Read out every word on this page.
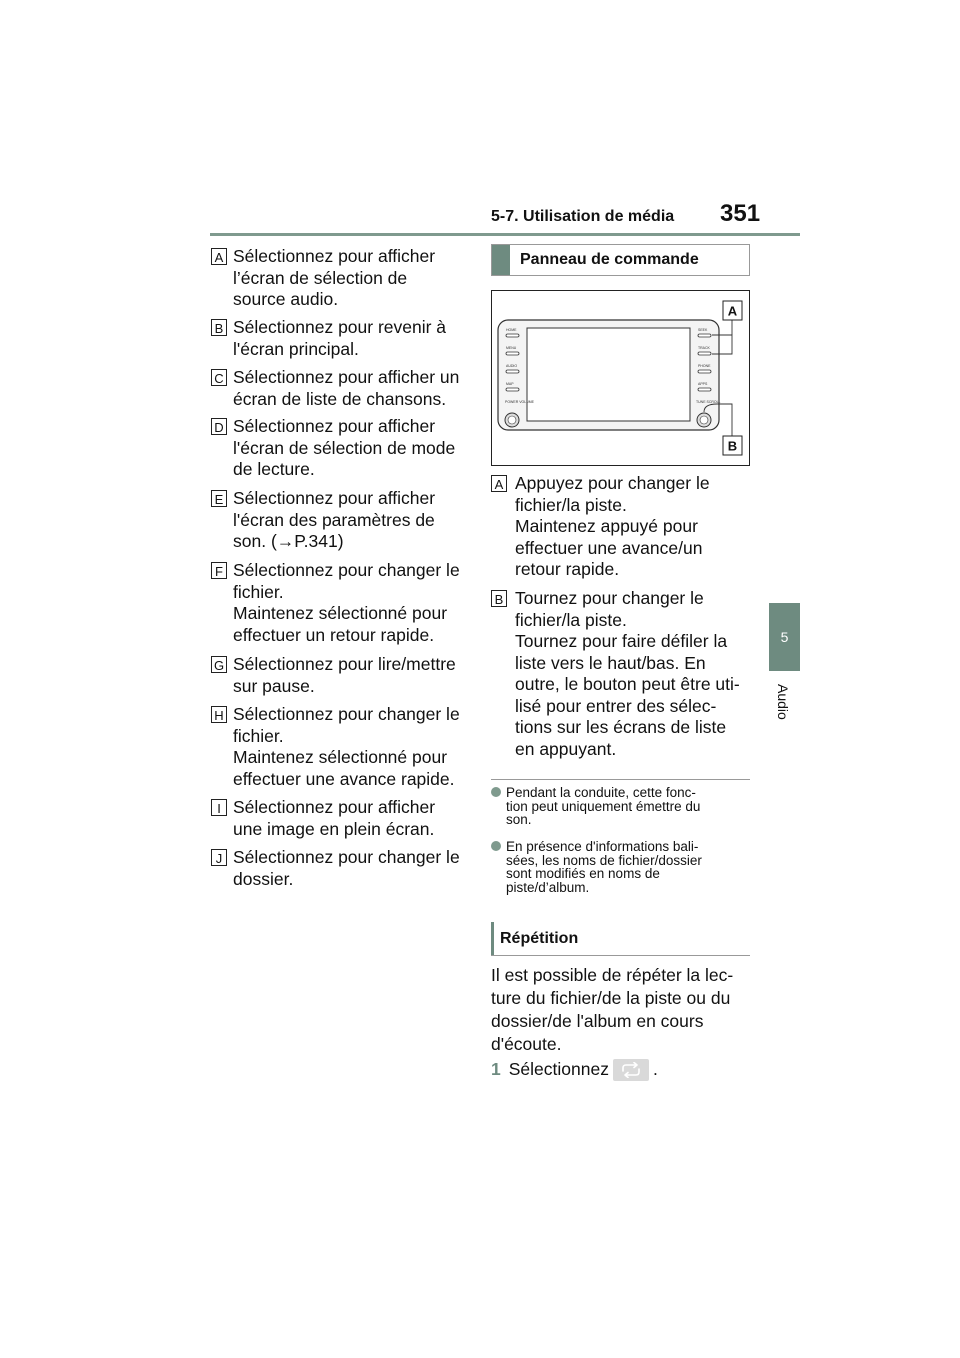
5-7. Utilisation de média 351
5
Audio
A Sélectionnez pour afficher
l’écran de sélection de
source audio.
B Sélectionnez pour revenir à
l'écran principal.
C Sélectionnez pour afficher un
écran de liste de chansons.
D Sélectionnez pour afficher
l'écran de sélection de mode
de lecture.
E Sélectionnez pour afficher
l'écran des paramètres de
son. (→P.341)
F Sélectionnez pour changer le
fichier.
Maintenez sélectionné pour
effectuer un retour rapide.
G Sélectionnez pour lire/mettre
sur pause.
H Sélectionnez pour changer le
fichier.
Maintenez sélectionné pour
effectuer une avance rapide.
I Sélectionnez pour afficher
une image en plein écran.
J Sélectionnez pour changer le
dossier.
Panneau de commande
HOME
MENU
AUDIO
MAP
POWER VOLUME
SEEK
TRACK
PHONE
APPS
TUNE SCROLL
A
B
A Appuyez pour changer le
fichier/la piste.
Maintenez appuyé pour
effectuer une avance/un
retour rapide.
B Tournez pour changer le
fichier/la piste.
Tournez pour faire défiler la
liste vers le haut/bas. En
outre, le bouton peut être uti-
lisé pour entrer des sélec-
tions sur les écrans de liste
en appuyant.
Pendant la conduite, cette fonc-
tion peut uniquement émettre du
son.
En présence d'informations bali-
sées, les noms de fichier/dossier
sont modifiés en noms de
piste/d’album.
Répétition
Il est possible de répéter la lec-
ture du fichier/de la piste ou du
dossier/de l'album en cours
d'écoute.
1 Sélectionnez	.
